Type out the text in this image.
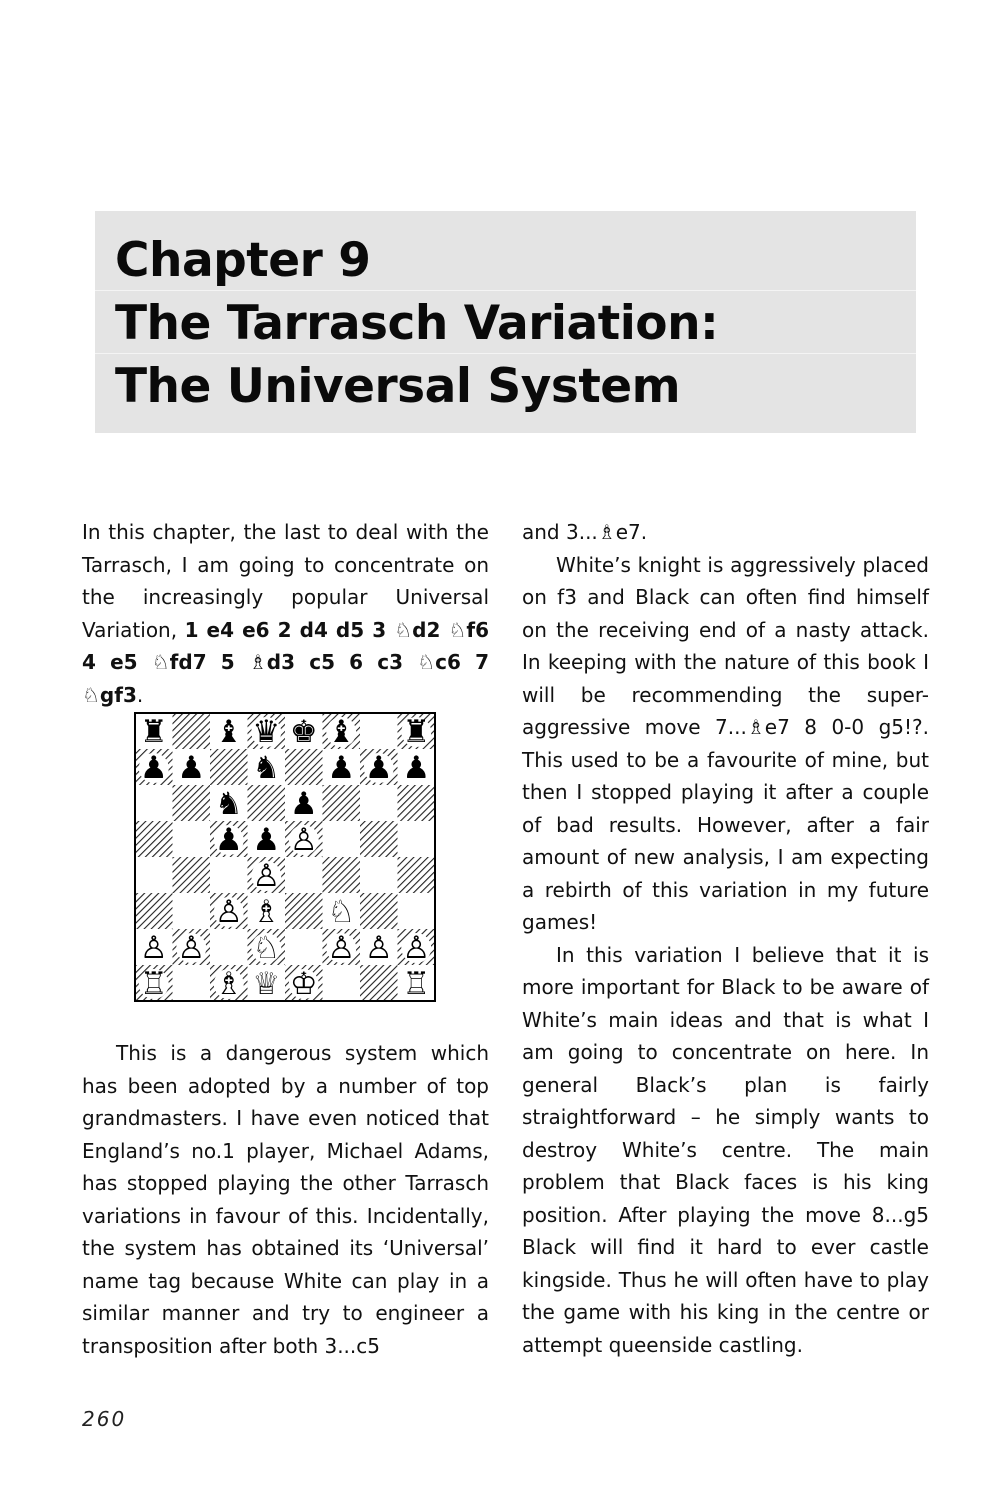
Chapter 9
The Tarrasch Variation:
The Universal System

In this chapter, the last to deal with the Tarrasch, I am going to concentrate on the increasingly popular Universal Variation, 1 e4 e6 2 d4 d5 3 ♘d2 ♘f6 4 e5 ♘fd7 5 ♗d3 c5 6 c3 ♘c6 7 ♘gf3.

♜ ♝ ♛ ♚ ♝ ♜
♟ ♟ ♞ ♟ ♟ ♟
♞ ♟
♟ ♟ ♙
♙
♙ ♗ ♘
♙ ♙ ♘ ♙ ♙ ♙
♖ ♗ ♕ ♔	♖

This is a dangerous system which has been adopted by a number of top grandmasters. I have even noticed that England’s no.1 player, Michael Adams, has stopped playing the other Tarrasch variations in favour of this. Incidentally, the system has obtained its ‘Universal’ name tag because White can play in a similar manner and try to engineer a transposition after both 3...c5

and 3...♗e7.

White’s knight is aggressively placed on f3 and Black can often find himself on the receiving end of a nasty attack. In keeping with the nature of this book I will be recommending the super-aggressive move 7...♗e7 8 0-0 g5!?. This used to be a favourite of mine, but then I stopped playing it after a couple of bad results. However, after a fair amount of new analysis, I am expecting a rebirth of this variation in my future games!

In this variation I believe that it is more important for Black to be aware of White’s main ideas and that is what I am going to concentrate on here. In general Black’s plan is fairly straightforward – he simply wants to destroy White’s centre. The main problem that Black faces is his king position. After playing the move 8...g5 Black will find it hard to ever castle kingside. Thus he will often have to play the game with his king in the centre or attempt queenside castling.

260
